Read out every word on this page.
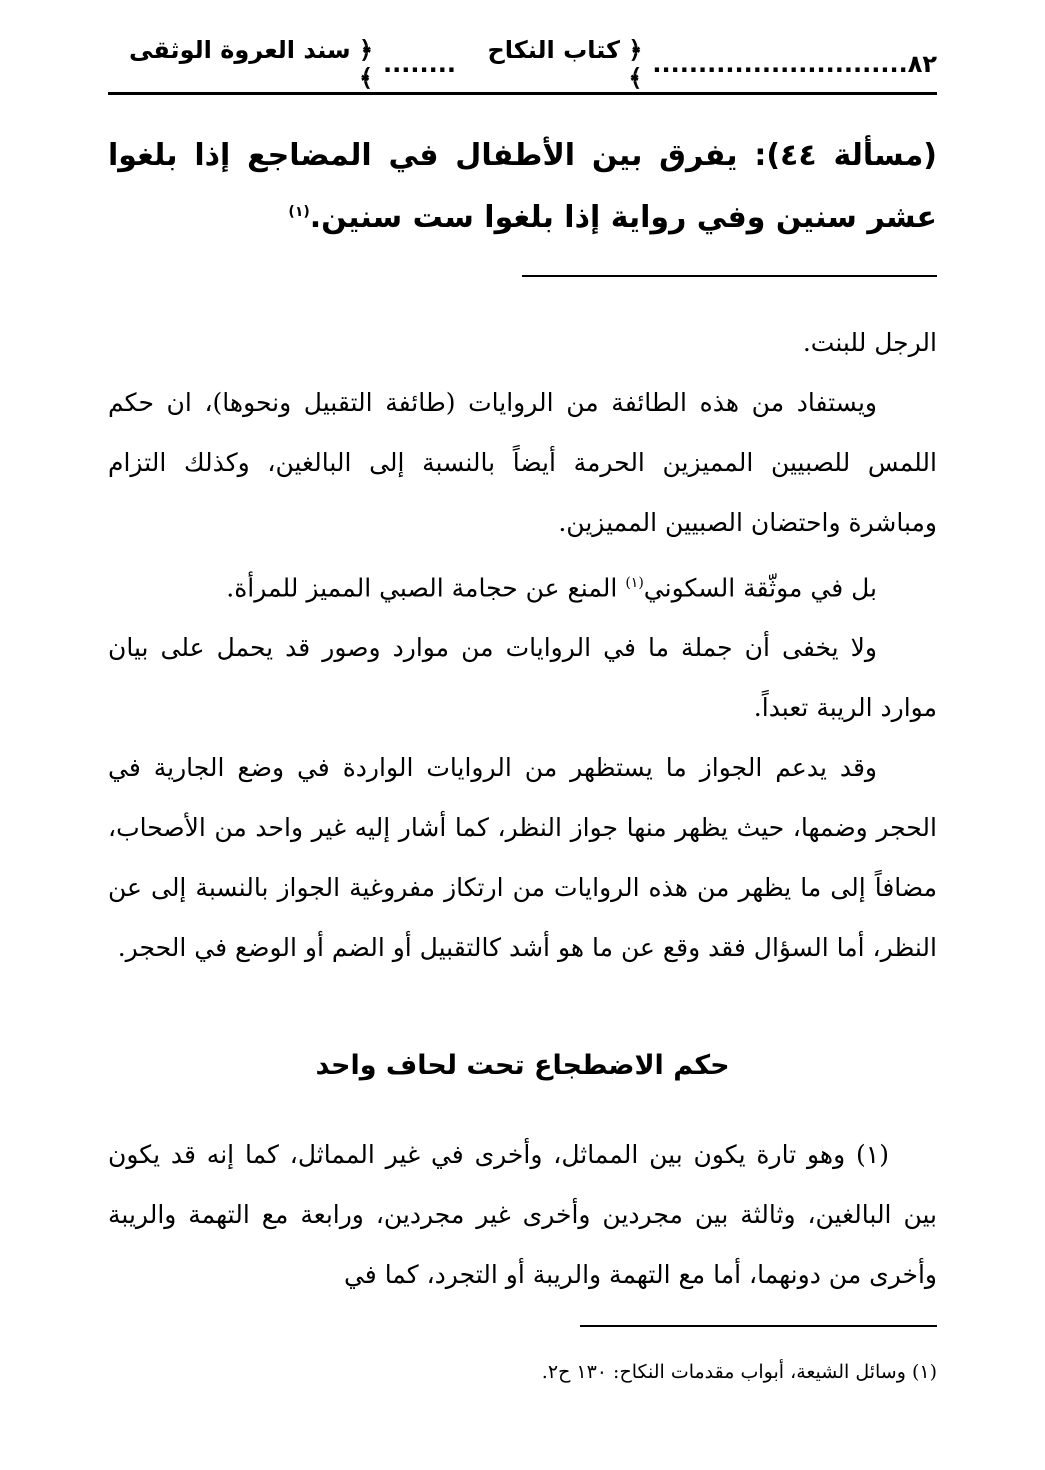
٨٢
............................
﴿ كتاب النكاح ﴾
........
﴿ سند العروة الوثقى ﴾
(مسألة ٤٤): يفرق بين الأطفال في المضاجع إذا بلغوا عشر سنين وفي رواية إذا بلغوا ست سنين.$^{(١)}$

الرجل للبنت.

ويستفاد من هذه الطائفة من الروايات (طائفة التقبيل ونحوها)، ان حكم اللمس للصبيين المميزين الحرمة أيضاً بالنسبة إلى البالغين، وكذلك التزام ومباشرة واحتضان الصبيين المميزين.

بل في موثّقة السكوني$^{(١)}$ المنع عن حجامة الصبي المميز للمرأة.

ولا يخفى أن جملة ما في الروايات من موارد وصور قد يحمل على بيان موارد الريبة تعبداً.

وقد يدعم الجواز ما يستظهر من الروايات الواردة في وضع الجارية في الحجر وضمها، حيث يظهر منها جواز النظر، كما أشار إليه غير واحد من الأصحاب، مضافاً إلى ما يظهر من هذه الروايات من ارتكاز مفروغية الجواز بالنسبة إلى عن النظر، أما السؤال فقد وقع عن ما هو أشد كالتقبيل أو الضم أو الوضع في الحجر.

حكم الاضطجاع تحت لحاف واحد

(١) وهو تارة يكون بين المماثل، وأخرى في غير المماثل، كما إنه قد يكون بين البالغين، وثالثة بين مجردين وأخرى غير مجردين، ورابعة مع التهمة والريبة وأخرى من دونهما، أما مع التهمة والريبة أو التجرد، كما في

(١) وسائل الشيعة، أبواب مقدمات النكاح: ١٣٠ ح٢.
